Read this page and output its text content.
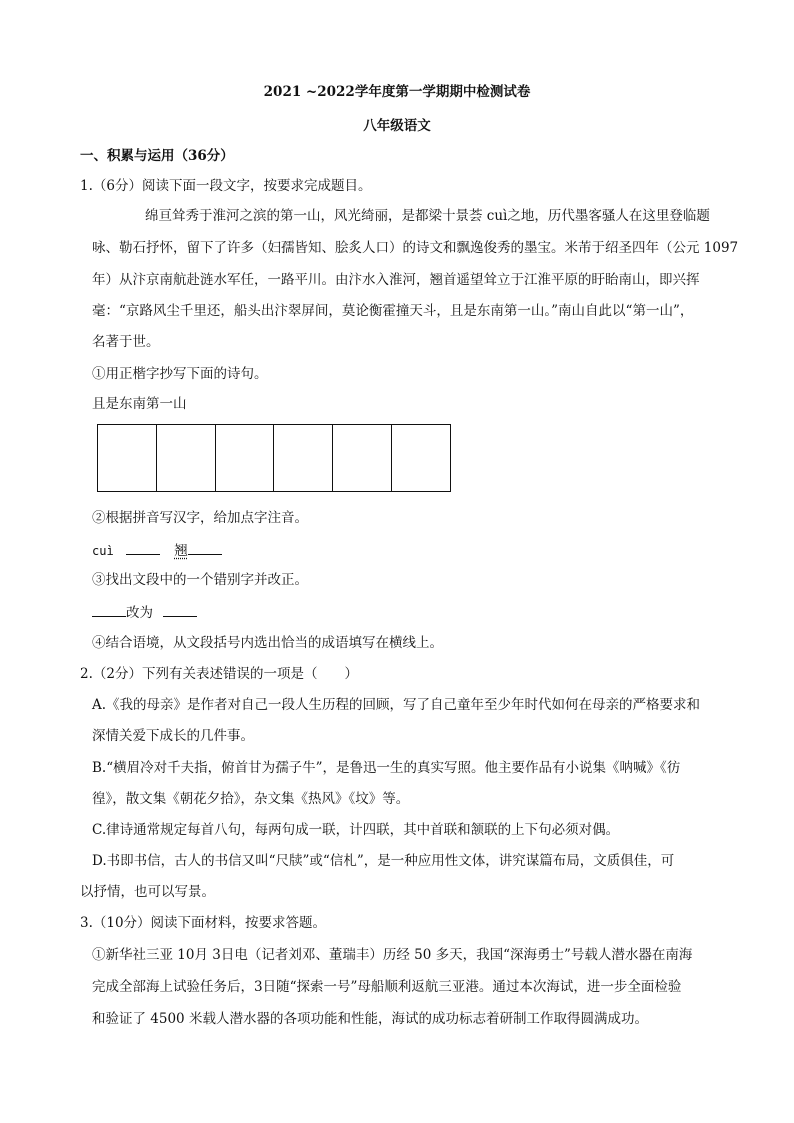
2021 ~2022学年度第一学期期中检测试卷
八年级语文
一、积累与运用（36分）
1.（6分）阅读下面一段文字，按要求完成题目。
绵亘耸秀于淮河之滨的第一山，风光绮丽，是都梁十景荟 cuì之地，历代墨客骚人在这里登临题
咏、勒石抒怀，留下了许多（妇孺皆知、脍炙人口）的诗文和飘逸俊秀的墨宝。米芾于绍圣四年（公元 1097
年）从汴京南航赴涟水军任，一路平川。由汴水入淮河，翘首遥望耸立于江淮平原的盱眙南山，即兴挥
毫：“京路风尘千里还，船头出汴翠屏间，莫论衡霍撞天斗，且是东南第一山。”南山自此以“第一山”，
名著于世。
①用正楷字抄写下面的诗句。
且是东南第一山
②根据拼音写汉字，给加点字注音。
cuì	翘
③找出文段中的一个错别字并改正。
改为
④结合语境，从文段括号内选出恰当的成语填写在横线上。
2.（2分）下列有关表述错误的一项是（　　）
A.《我的母亲》是作者对自己一段人生历程的回顾，写了自己童年至少年时代如何在母亲的严格要求和
深情关爱下成长的几件事。
B.“横眉冷对千夫指，俯首甘为孺子牛”，是鲁迅一生的真实写照。他主要作品有小说集《呐喊》《彷
徨》，散文集《朝花夕拾》，杂文集《热风》《坟》等。
C.律诗通常规定每首八句，每两句成一联，计四联，其中首联和颔联的上下句必须对偶。
D.书即书信，古人的书信又叫“尺牍”或“信札”，是一种应用性文体，讲究谋篇布局，文质俱佳，可
以抒情，也可以写景。
3.（10分）阅读下面材料，按要求答题。
①新华社三亚 10月 3日电（记者刘邓、董瑞丰）历经 50 多天，我国“深海勇士”号载人潜水器在南海
完成全部海上试验任务后，3日随“探索一号”母船顺利返航三亚港。通过本次海试，进一步全面检验
和验证了 4500 米载人潜水器的各项功能和性能，海试的成功标志着研制工作取得圆满成功。
